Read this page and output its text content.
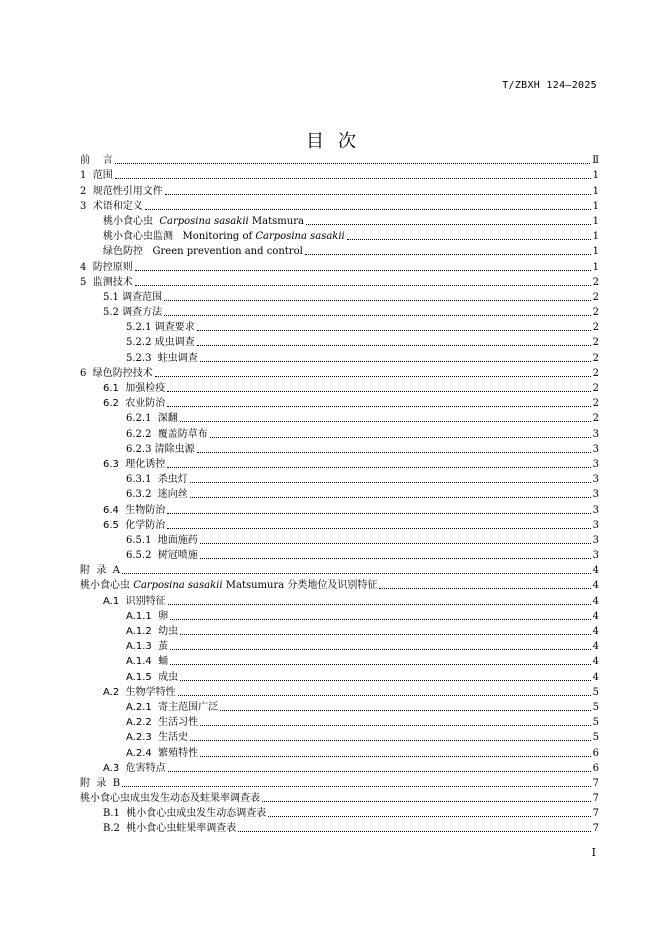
T/ZBXH 124—2025
目次
前    言	Ⅱ
1  范围	1
2  规范性引用文件	1
3  术语和定义	1
桃小食心虫  Carposina sasakii Matsmura	1
桃小食心虫监测   Monitoring of Carposina sasakii	1
绿色防控   Green prevention and control	1
4  防控原则	1
5  监测技术	2
5.1 调查范围	2
5.2 调查方法	2
5.2.1 调查要求	2
5.2.2 成虫调查	2
5.2.3  蛀虫调查	2
6  绿色防控技术	2
6.1  加强检疫	2
6.2  农业防治	2
6.2.1  深翻	2
6.2.2  覆盖防草布	3
6.2.3 清除虫源	3
6.3  理化诱控	3
6.3.1  杀虫灯	3
6.3.2  迷向丝	3
6.4  生物防治	3
6.5  化学防治	3
6.5.1  地面施药	3
6.5.2  树冠喷施	3
附  录  A	4
桃小食心虫 Carposina sasakii Matsumura 分类地位及识别特征	4
A.1  识别特征	4
A.1.1  卵	4
A.1.2  幼虫	4
A.1.3  茧	4
A.1.4  蛹	4
A.1.5  成虫	4
A.2  生物学特性	5
A.2.1  寄主范围广泛	5
A.2.2  生活习性	5
A.2.3  生活史	5
A.2.4  繁殖特性	6
A.3  危害特点	6
附  录  B	7
桃小食心虫成虫发生动态及蛀果率调查表	7
B.1  桃小食心虫成虫发生动态调查表	7
B.2  桃小食心虫蛀果率调查表	7
I
